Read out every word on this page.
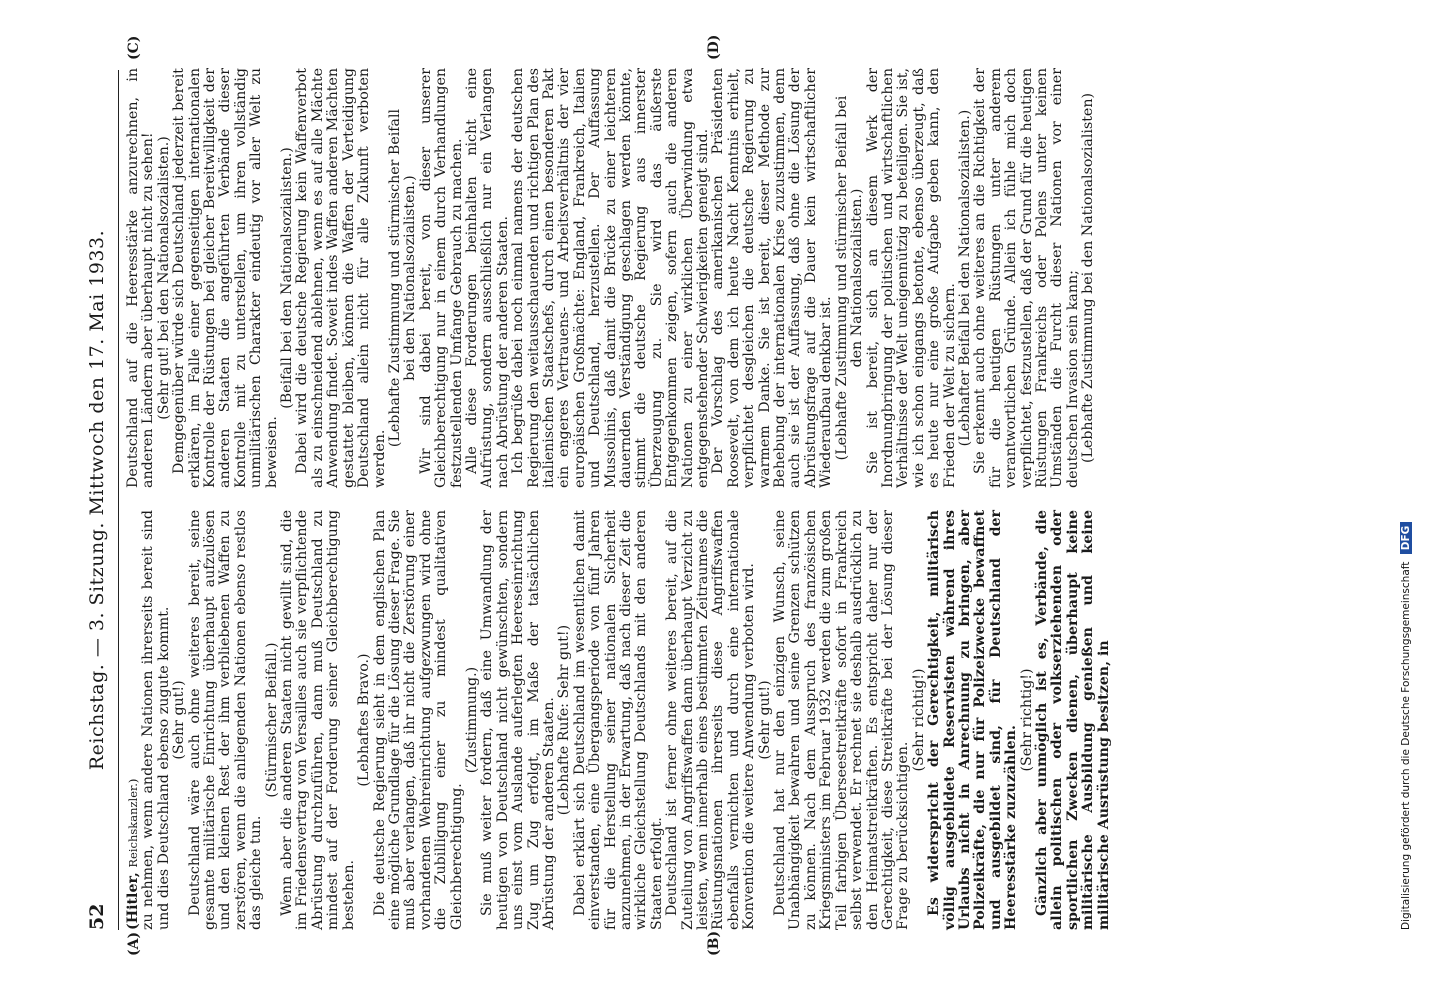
52
Reichstag. — 3. Sitzung. Mittwoch den 17. Mai 1933.
(A)	(B)
(C)	(D)

(Hitler, Reichskanzler.) zu nehmen, wenn andere Nationen ihrerseits bereit sind und dies Deutschland ebenso zugute kommt. (Sehr gut!) Deutschland wäre auch ohne weiteres bereit, seine gesamte militärische Einrichtung überhaupt aufzulösen und den kleinen Rest der ihm verbliebenen Waffen zu zerstören, wenn die anliegenden Nationen ebenso restlos das gleiche tun.

(Stürmischer Beifall.) Wenn aber die anderen Staaten nicht gewillt sind, die im Friedensvertrag von Versailles auch sie verpflichtende Abrüstung durchzuführen, dann muß Deutschland zu mindest auf der Forderung seiner Gleichberechtigung bestehen.

(Lebhaftes Bravo.) Die deutsche Regierung sieht in dem englischen Plan eine mögliche Grundlage für die Lösung dieser Frage. Sie muß aber verlangen, daß ihr nicht die Zerstörung einer vorhandenen Wehreinrichtung aufgezwungen wird ohne die Zubilligung einer zu mindest qualitativen Gleichberechtigung.

(Zustimmung.) Sie muß weiter fordern, daß eine Umwandlung der heutigen von Deutschland nicht gewünschten, sondern uns einst vom Auslande auferlegten Heereseinrichtung Zug um Zug erfolgt, im Maße der tatsächlichen Abrüstung der anderen Staaten. (Lebhafte Rufe: Sehr gut!) Dabei erklärt sich Deutschland im wesentlichen damit einverstanden, eine Übergangsperiode von fünf Jahren für die Herstellung seiner nationalen Sicherheit anzunehmen, in der Erwartung, daß nach dieser Zeit die wirkliche Gleichstellung Deutschlands mit den anderen Staaten erfolgt. Deutschland ist ferner ohne weiteres bereit, auf die Zuteilung von Angriffswaffen dann überhaupt Verzicht zu leisten, wenn innerhalb eines bestimmten Zeitraumes die Rüstungsnationen ihrerseits diese Angriffswaffen ebenfalls vernichten und durch eine internationale Konvention die weitere Anwendung verboten wird. (Sehr gut!) Deutschland hat nur den einzigen Wunsch, seine Unabhängigkeit bewahren und seine Grenzen schützen zu können. Nach dem Ausspruch des französischen Kriegsministers im Februar 1932 werden die zum großen Teil farbigen Überseestreitkräfte sofort in Frankreich selbst verwendet. Er rechnet sie deshalb ausdrücklich zu den Heimatstreitkräften. Es entspricht daher nur der Gerechtigkeit, diese Streitkräfte bei der Lösung dieser Frage zu berücksichtigen.

(Sehr richtig!) Es widerspricht der Gerechtigkeit, militärisch völlig ausgebildete Reservisten während ihres Urlaubs nicht in Anrechnung zu bringen, aber Polizeikräfte, die nur für Polizeizwecke bewaffnet und ausgebildet sind, für Deutschland der Heeresstärke zuzuzählen.

(Sehr richtig!) Gänzlich aber unmöglich ist es, Verbände, die allein politischen oder volkserziehenden oder sportlichen Zwecken dienen, überhaupt keine militärische Ausbildung genießen und keine militärische Ausrüstung besitzen, in

Deutschland auf die Heeresstärke anzurechnen, in anderen Ländern aber überhaupt nicht zu sehen! (Sehr gut! bei den Nationalsozialisten.) Demgegenüber würde sich Deutschland jederzeit bereit erklären, im Falle einer gegenseitigen internationalen Kontrolle der Rüstungen bei gleicher Bereitwilligkeit der anderen Staaten die angeführten Verbände dieser Kontrolle mit zu unterstellen, um ihren vollständig unmilitärischen Charakter eindeutig vor aller Welt zu beweisen.

(Beifall bei den Nationalsozialisten.) Dabei wird die deutsche Regierung kein Waffenverbot als zu einschneidend ablehnen, wenn es auf alle Mächte Anwendung findet. Soweit indes Waffen anderen Mächten gestattet bleiben, können die Waffen der Verteidigung Deutschland allein nicht für alle Zukunft verboten werden.

(Lebhafte Zustimmung und stürmischer Beifall bei den Nationalsozialisten.) Wir sind dabei bereit, von dieser unserer Gleichberechtigung nur in einem durch Verhandlungen festzustellenden Umfange Gebrauch zu machen. Alle diese Forderungen beinhalten nicht eine Aufrüstung, sondern ausschließlich nur ein Verlangen nach Abrüstung der anderen Staaten. Ich begrüße dabei noch einmal namens der deutschen Regierung den weitausschauenden und richtigen Plan des italienischen Staatschefs, durch einen besonderen Pakt ein engeres Vertrauens- und Arbeitsverhältnis der vier europäischen Großmächte: England, Frankreich, Italien und Deutschland, herzustellen. Der Auffassung Mussolinis, daß damit die Brücke zu einer leichteren dauernden Verständigung geschlagen werden könnte, stimmt die deutsche Regierung aus innerster Überzeugung zu. Sie wird das äußerste Entgegenkommen zeigen, sofern auch die anderen Nationen zu einer wirklichen Überwindung etwa entgegenstehender Schwierigkeiten geneigt sind. Der Vorschlag des amerikanischen Präsidenten Roosevelt, von dem ich heute Nacht Kenntnis erhielt, verpflichtet desgleichen die deutsche Regierung zu warmem Danke. Sie ist bereit, dieser Methode zur Behebung der internationalen Krise zuzustimmen, denn auch sie ist der Auffassung, daß ohne die Lösung der Abrüstungsfrage auf die Dauer kein wirtschaftlicher Wiederaufbau denkbar ist. (Lebhafte Zustimmung und stürmischer Beifall bei den Nationalsozialisten.) Sie ist bereit, sich an diesem Werk der Inordnungbringung der politischen und wirtschaftlichen Verhältnisse der Welt uneigennützig zu beteiligen. Sie ist, wie ich schon eingangs betonte, ebenso überzeugt, daß es heute nur eine große Aufgabe geben kann, den Frieden der Welt zu sichern. (Lebhafter Beifall bei den Nationalsozialisten.) Sie erkennt auch ohne weiteres an die Richtigkeit der für die heutigen Rüstungen unter anderem verantwortlichen Gründe. Allein ich fühle mich doch verpflichtet, festzustellen, daß der Grund für die heutigen Rüstungen Frankreichs oder Polens unter keinen Umständen die Furcht dieser Nationen vor einer deutschen Invasion sein kann; (Lebhafte Zustimmung bei den Nationalsozialisten)

Digitalisierung gefördert durch die Deutsche Forschungsgemeinschaft DFG
